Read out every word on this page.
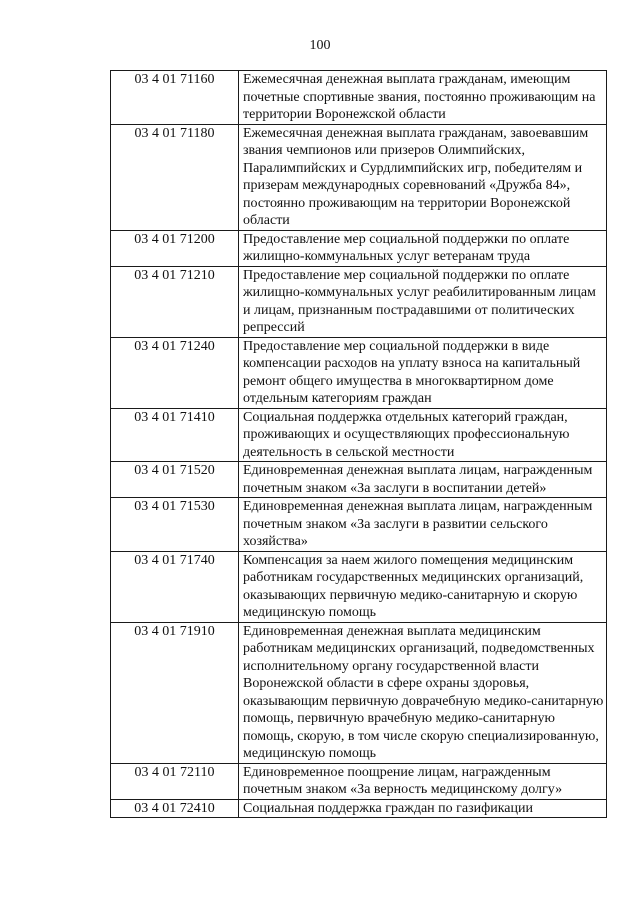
100
03 4 01 71160	Ежемесячная денежная выплата гражданам, имеющим почетные спортивные звания, постоянно проживающим на территории Воронежской области
03 4 01 71180	Ежемесячная денежная выплата гражданам, завоевавшим звания чемпионов или призеров Олимпийских, Паралимпийских и Сурдлимпийских игр, победителям и призерам международных соревнований «Дружба 84», постоянно проживающим на территории Воронежской области
03 4 01 71200	Предоставление мер социальной поддержки по оплате жилищно-коммунальных услуг ветеранам труда
03 4 01 71210	Предоставление мер социальной поддержки по оплате жилищно-коммунальных услуг реабилитированным лицам и лицам, признанным пострадавшими от политических репрессий
03 4 01 71240	Предоставление мер социальной поддержки в виде компенсации расходов на уплату взноса на капитальный ремонт общего имущества в многоквартирном доме отдельным категориям граждан
03 4 01 71410	Социальная поддержка отдельных категорий граждан, проживающих и осуществляющих профессиональную деятельность в сельской местности
03 4 01 71520	Единовременная денежная выплата лицам, награжденным почетным знаком «За заслуги в воспитании детей»
03 4 01 71530	Единовременная денежная выплата лицам, награжденным почетным знаком «За заслуги в развитии сельского хозяйства»
03 4 01 71740	Компенсация за наем жилого помещения медицинским работникам государственных медицинских организаций, оказывающих первичную медико-санитарную и скорую медицинскую помощь
03 4 01 71910	Единовременная денежная выплата медицинским работникам медицинских организаций, подведомственных исполнительному органу государственной власти Воронежской области в сфере охраны здоровья, оказывающим первичную доврачебную медико-санитарную помощь, первичную врачебную медико-санитарную помощь, скорую, в том числе скорую специализированную, медицинскую помощь
03 4 01 72110	Единовременное поощрение лицам, награжденным почетным знаком «За верность медицинскому долгу»
03 4 01 72410	Социальная поддержка граждан по газификации
